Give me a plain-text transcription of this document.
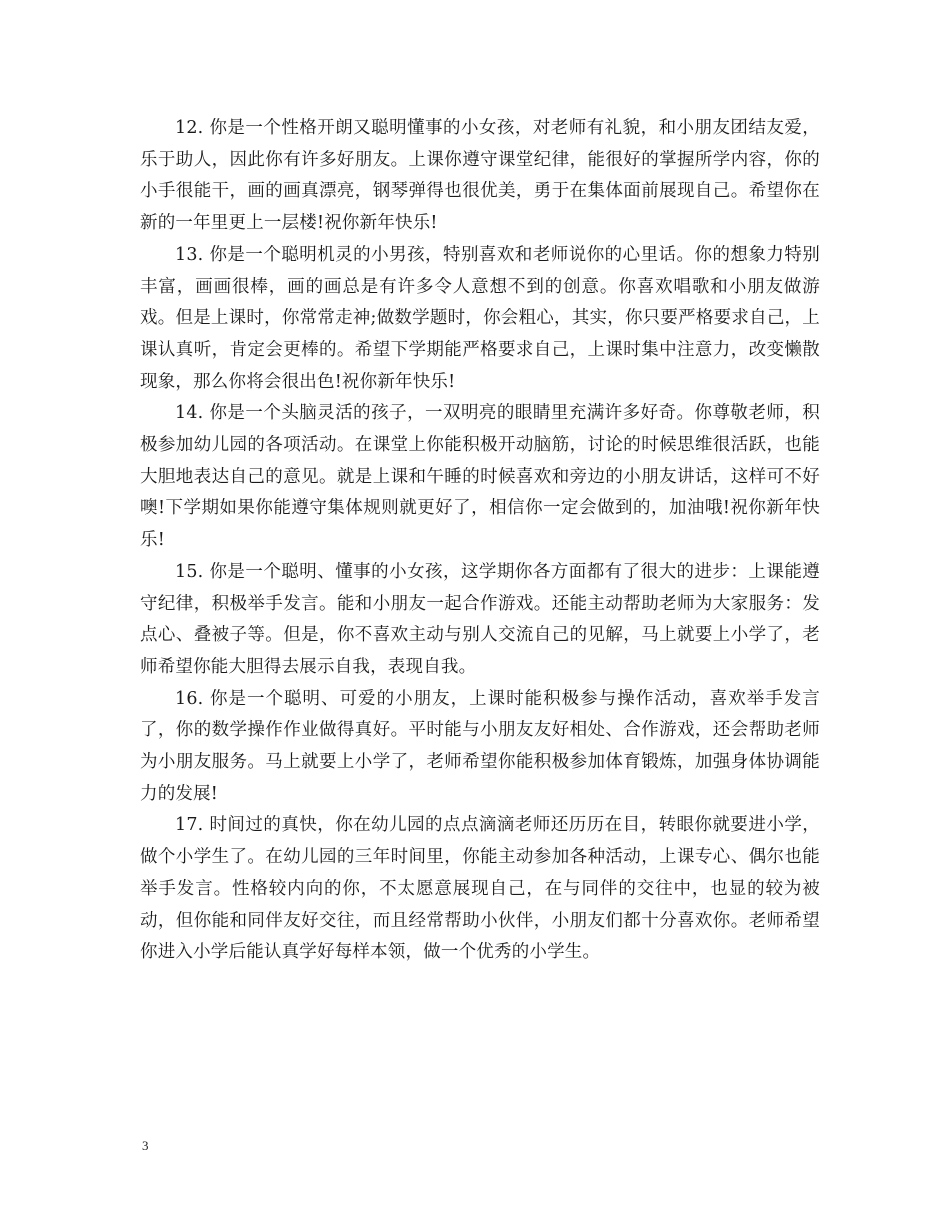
12. 你是一个性格开朗又聪明懂事的小女孩，对老师有礼貌，和小朋友团结友爱，乐于助人，因此你有许多好朋友。上课你遵守课堂纪律，能很好的掌握所学内容，你的小手很能干，画的画真漂亮，钢琴弹得也很优美，勇于在集体面前展现自己。希望你在新的一年里更上一层楼!祝你新年快乐!

13. 你是一个聪明机灵的小男孩，特别喜欢和老师说你的心里话。你的想象力特别丰富，画画很棒，画的画总是有许多令人意想不到的创意。你喜欢唱歌和小朋友做游戏。但是上课时，你常常走神;做数学题时，你会粗心，其实，你只要严格要求自己，上课认真听，肯定会更棒的。希望下学期能严格要求自己，上课时集中注意力，改变懒散现象，那么你将会很出色!祝你新年快乐!

14. 你是一个头脑灵活的孩子，一双明亮的眼睛里充满许多好奇。你尊敬老师，积极参加幼儿园的各项活动。在课堂上你能积极开动脑筋，讨论的时候思维很活跃，也能大胆地表达自己的意见。就是上课和午睡的时候喜欢和旁边的小朋友讲话，这样可不好噢!下学期如果你能遵守集体规则就更好了，相信你一定会做到的，加油哦!祝你新年快乐!

15. 你是一个聪明、懂事的小女孩，这学期你各方面都有了很大的进步：上课能遵守纪律，积极举手发言。能和小朋友一起合作游戏。还能主动帮助老师为大家服务：发点心、叠被子等。但是，你不喜欢主动与别人交流自己的见解，马上就要上小学了，老师希望你能大胆得去展示自我，表现自我。

16. 你是一个聪明、可爱的小朋友，上课时能积极参与操作活动，喜欢举手发言了，你的数学操作作业做得真好。平时能与小朋友友好相处、合作游戏，还会帮助老师为小朋友服务。马上就要上小学了，老师希望你能积极参加体育锻炼，加强身体协调能力的发展!

17. 时间过的真快，你在幼儿园的点点滴滴老师还历历在目，转眼你就要进小学，做个小学生了。在幼儿园的三年时间里，你能主动参加各种活动，上课专心、偶尔也能举手发言。性格较内向的你，不太愿意展现自己，在与同伴的交往中，也显的较为被动，但你能和同伴友好交往，而且经常帮助小伙伴，小朋友们都十分喜欢你。老师希望你进入小学后能认真学好每样本领，做一个优秀的小学生。

3
